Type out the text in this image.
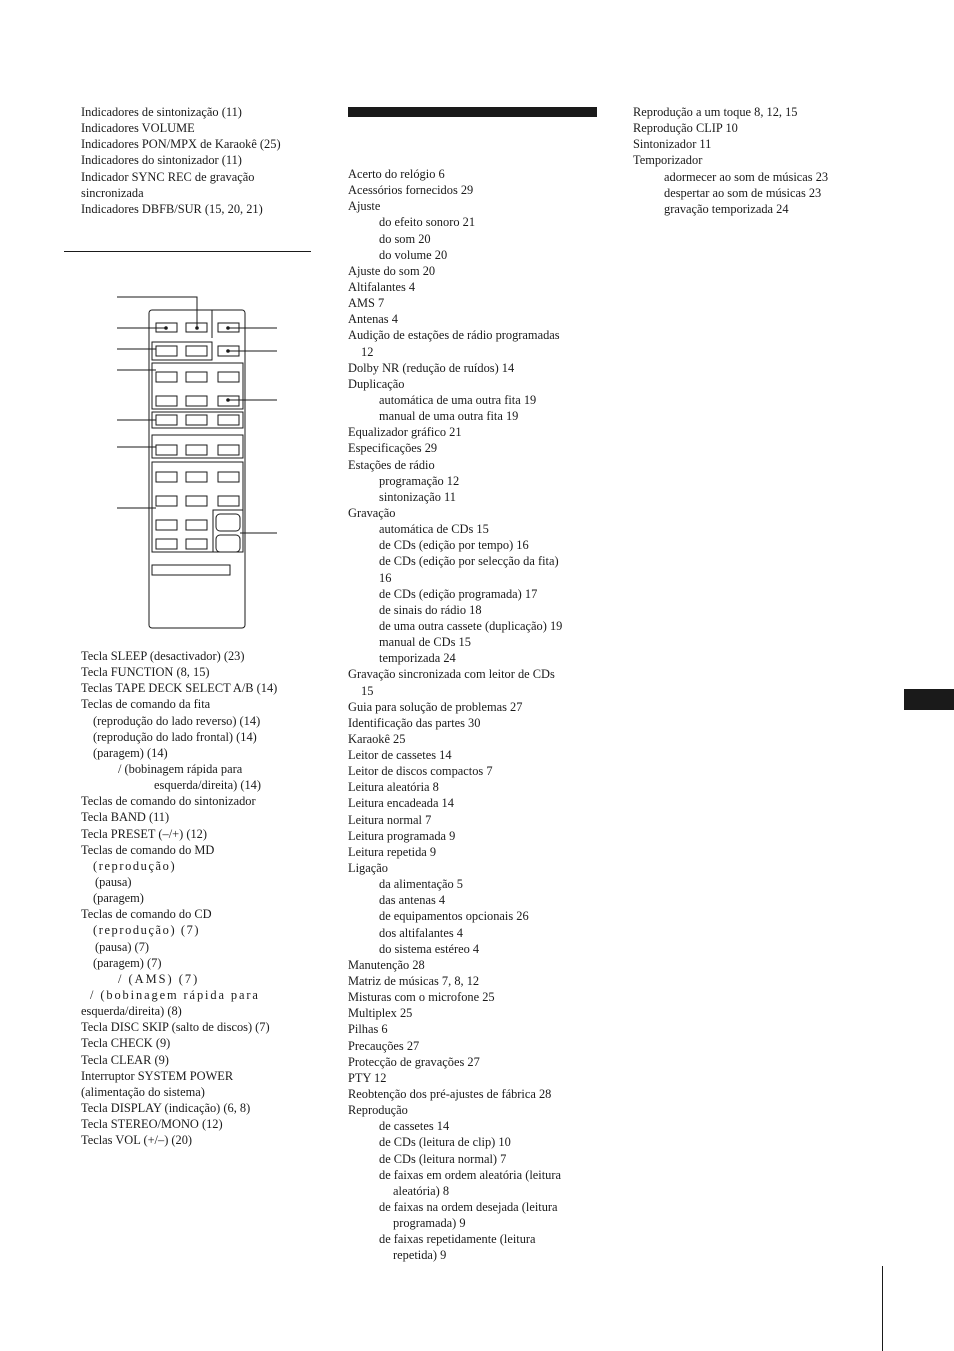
Indicadores de sintonização (11)
Indicadores VOLUME
Indicadores PON/MPX de Karaokê (25)
Indicadores do sintonizador (11)
Indicador SYNC REC de gravação
sincronizada
Indicadores DBFB/SUR (15, 20, 21)
Tecla SLEEP (desactivador) (23)
Tecla FUNCTION (8, 15)
Teclas TAPE DECK SELECT A/B (14)
Teclas de comando da fita
(reprodução do lado reverso) (14)
(reprodução do lado frontal) (14)
(paragem) (14)
/ (bobinagem rápida para
esquerda/direita) (14)
Teclas de comando do sintonizador
Tecla BAND (11)
Tecla PRESET (–/+) (12)
Teclas de comando do MD
(reprodução)
(pausa)
(paragem)
Teclas de comando do CD
(reprodução) (7)
(pausa) (7)
(paragem) (7)
/ (AMS) (7)
/ (bobinagem rápida para
esquerda/direita) (8)
Tecla DISC SKIP (salto de discos) (7)
Tecla CHECK (9)
Tecla CLEAR (9)
Interruptor SYSTEM POWER
(alimentação do sistema)
Tecla DISPLAY (indicação) (6, 8)
Tecla STEREO/MONO (12)
Teclas VOL (+/–) (20)
Acerto do relógio 6
Acessórios fornecidos 29
Ajuste
do efeito sonoro 21
do som 20
do volume 20
Ajuste do som 20
Altifalantes 4
AMS 7
Antenas 4
Audição de estações de rádio programadas
12
Dolby NR (redução de ruídos) 14
Duplicação
automática de uma outra fita 19
manual de uma outra fita 19
Equalizador gráfico 21
Especificações 29
Estações de rádio
programação 12
sintonização 11
Gravação
automática de CDs 15
de CDs (edição por tempo) 16
de CDs (edição por selecção da fita)
16
de CDs (edição programada) 17
de sinais do rádio 18
de uma outra cassete (duplicação) 19
manual de CDs 15
temporizada 24
Gravação sincronizada com leitor de CDs
15
Guia para solução de problemas 27
Identificação das partes 30
Karaokê 25
Leitor de cassetes 14
Leitor de discos compactos 7
Leitura aleatória 8
Leitura encadeada 14
Leitura normal 7
Leitura programada 9
Leitura repetida 9
Ligação
da alimentação 5
das antenas 4
de equipamentos opcionais 26
dos altifalantes 4
do sistema estéreo 4
Manutenção 28
Matriz de músicas 7, 8, 12
Misturas com o microfone 25
Multiplex 25
Pilhas 6
Precauções 27
Protecção de gravações 27
PTY 12
Reobtenção dos pré-ajustes de fábrica 28
Reprodução
de cassetes 14
de CDs (leitura de clip) 10
de CDs (leitura normal) 7
de faixas em ordem aleatória (leitura
aleatória) 8
de faixas na ordem desejada (leitura
programada) 9
de faixas repetidamente (leitura
repetida) 9
Reprodução a um toque 8, 12, 15
Reprodução CLIP 10
Sintonizador 11
Temporizador
adormecer ao som de músicas 23
despertar ao som de músicas 23
gravação temporizada 24
